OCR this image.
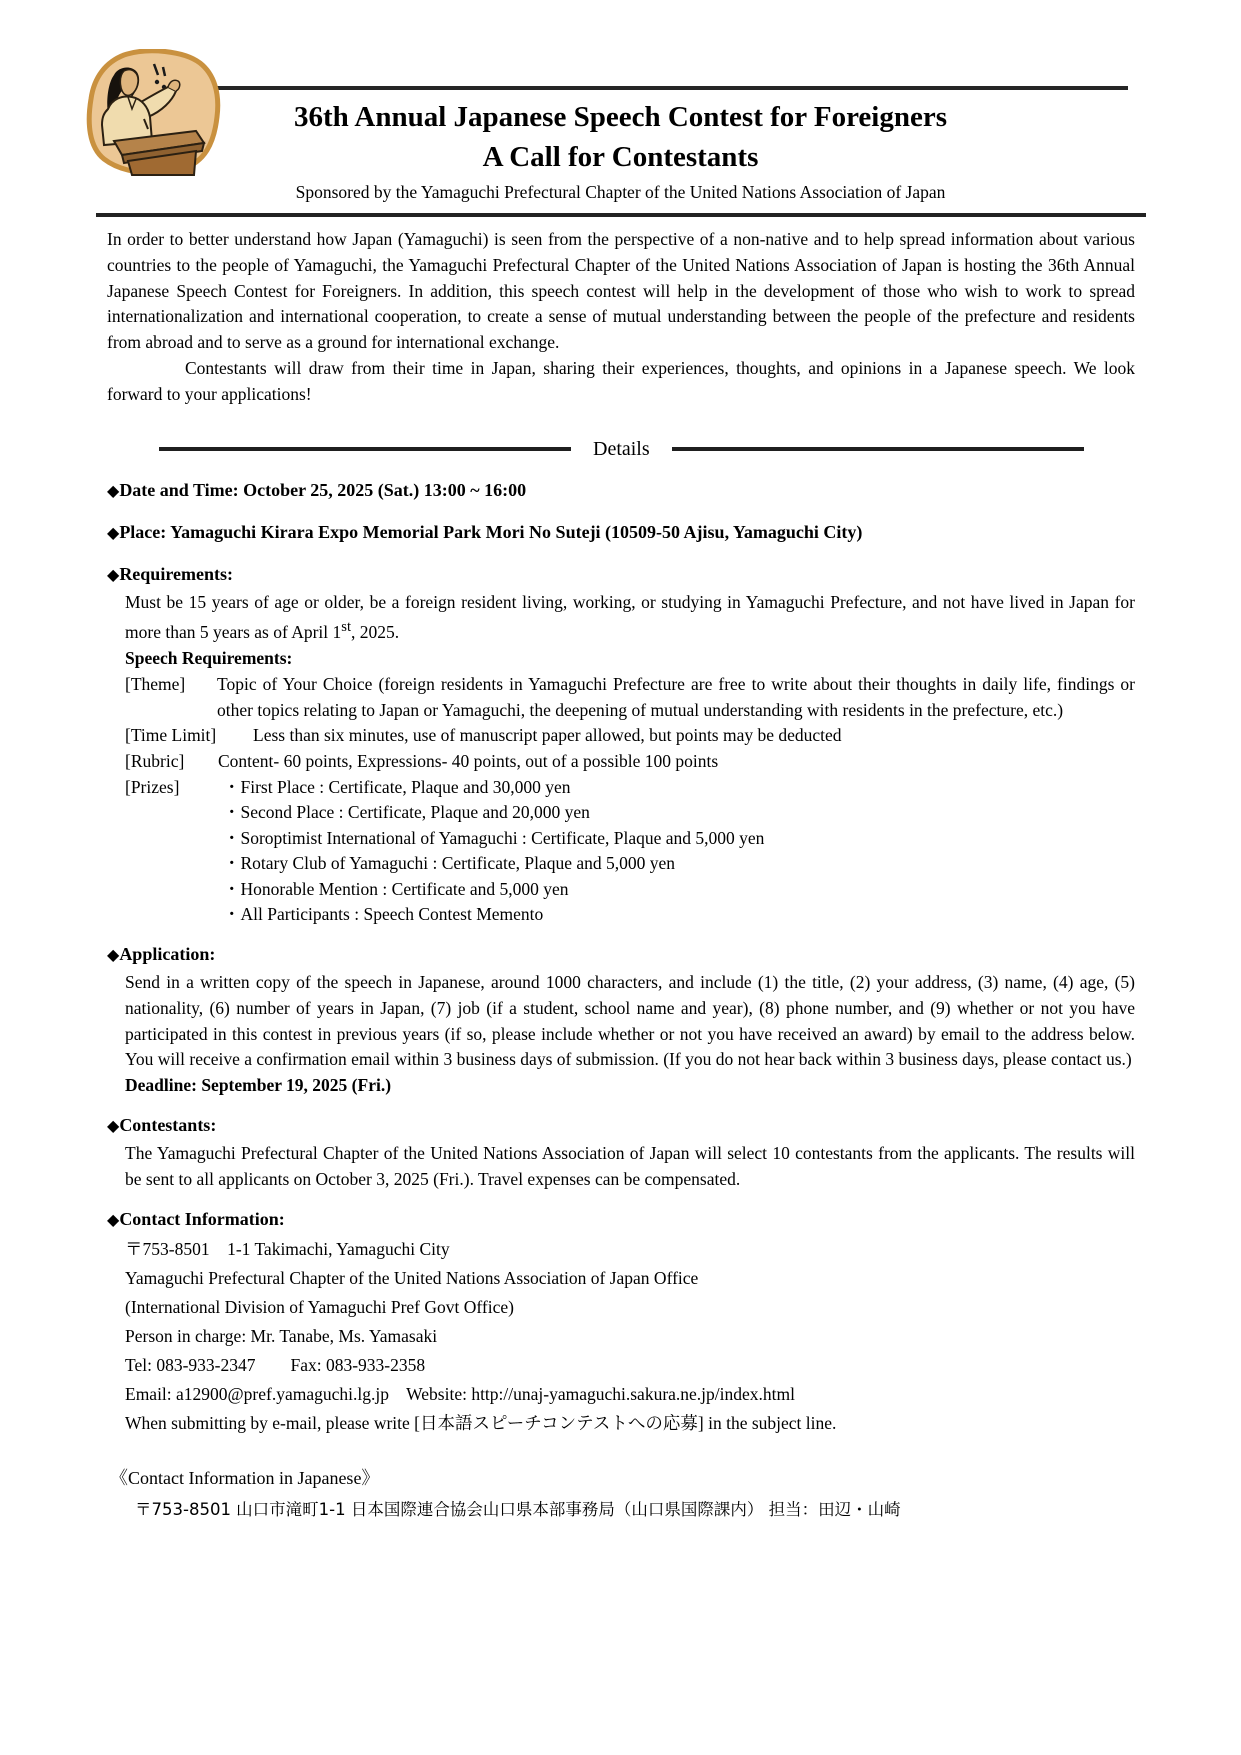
36th Annual Japanese Speech Contest for Foreigners
A Call for Contestants
Sponsored by the Yamaguchi Prefectural Chapter of the United Nations Association of Japan

In order to better understand how Japan (Yamaguchi) is seen from the perspective of a non-native and to help spread information about various countries to the people of Yamaguchi, the Yamaguchi Prefectural Chapter of the United Nations Association of Japan is hosting the 36th Annual Japanese Speech Contest for Foreigners. In addition, this speech contest will help in the development of those who wish to work to spread internationalization and international cooperation, to create a sense of mutual understanding between the people of the prefecture and residents from abroad and to serve as a ground for international exchange.

Contestants will draw from their time in Japan, sharing their experiences, thoughts, and opinions in a Japanese speech. We look forward to your applications!

Details
◆Date and Time: October 25, 2025 (Sat.) 13:00 ~ 16:00
◆Place: Yamaguchi Kirara Expo Memorial Park Mori No Suteji (10509-50 Ajisu, Yamaguchi City)
◆Requirements:

Must be 15 years of age or older, be a foreign resident living, working, or studying in Yamaguchi Prefecture, and not have lived in Japan for more than 5 years as of April 1st, 2025.

Speech Requirements:
[Theme]	Topic of Your Choice (foreign residents in Yamaguchi Prefecture are free to write about their thoughts in daily life, findings or other topics relating to Japan or Yamaguchi, the deepening of mutual understanding with residents in the prefecture, etc.)
[Time Limit]	Less than six minutes, use of manuscript paper allowed, but points may be deducted
[Rubric]	Content- 60 points, Expressions- 40 points, out of a possible 100 points
[Prizes]	・First Place : Certificate, Plaque and 30,000 yen
・Second Place : Certificate, Plaque and 20,000 yen
・Soroptimist International of Yamaguchi : Certificate, Plaque and 5,000 yen
・Rotary Club of Yamaguchi : Certificate, Plaque and 5,000 yen
・Honorable Mention : Certificate and 5,000 yen
・All Participants : Speech Contest Memento
◆Application:

Send in a written copy of the speech in Japanese, around 1000 characters, and include (1) the title, (2) your address, (3) name, (4) age, (5) nationality, (6) number of years in Japan, (7) job (if a student, school name and year), (8) phone number, and (9) whether or not you have participated in this contest in previous years (if so, please include whether or not you have received an award) by email to the address below. You will receive a confirmation email within 3 business days of submission. (If you do not hear back within 3 business days, please contact us.)

Deadline: September 19, 2025 (Fri.)
◆Contestants:

The Yamaguchi Prefectural Chapter of the United Nations Association of Japan will select 10 contestants from the applicants. The results will be sent to all applicants on October 3, 2025 (Fri.). Travel expenses can be compensated.

◆Contact Information:
〒753-8501    1-1 Takimachi, Yamaguchi City
Yamaguchi Prefectural Chapter of the United Nations Association of Japan Office
(International Division of Yamaguchi Pref Govt Office)
Person in charge: Mr. Tanabe, Ms. Yamasaki
Tel: 083-933-2347        Fax: 083-933-2358
Email: a12900@pref.yamaguchi.lg.jp    Website: http://unaj-yamaguchi.sakura.ne.jp/index.html
When submitting by e-mail, please write [日本語スピーチコンテストへの応募] in the subject line.
《Contact Information in Japanese》
〒753-8501 山口市滝町1-1 日本国際連合協会山口県本部事務局（山口県国際課内） 担当：田辺・山崎
